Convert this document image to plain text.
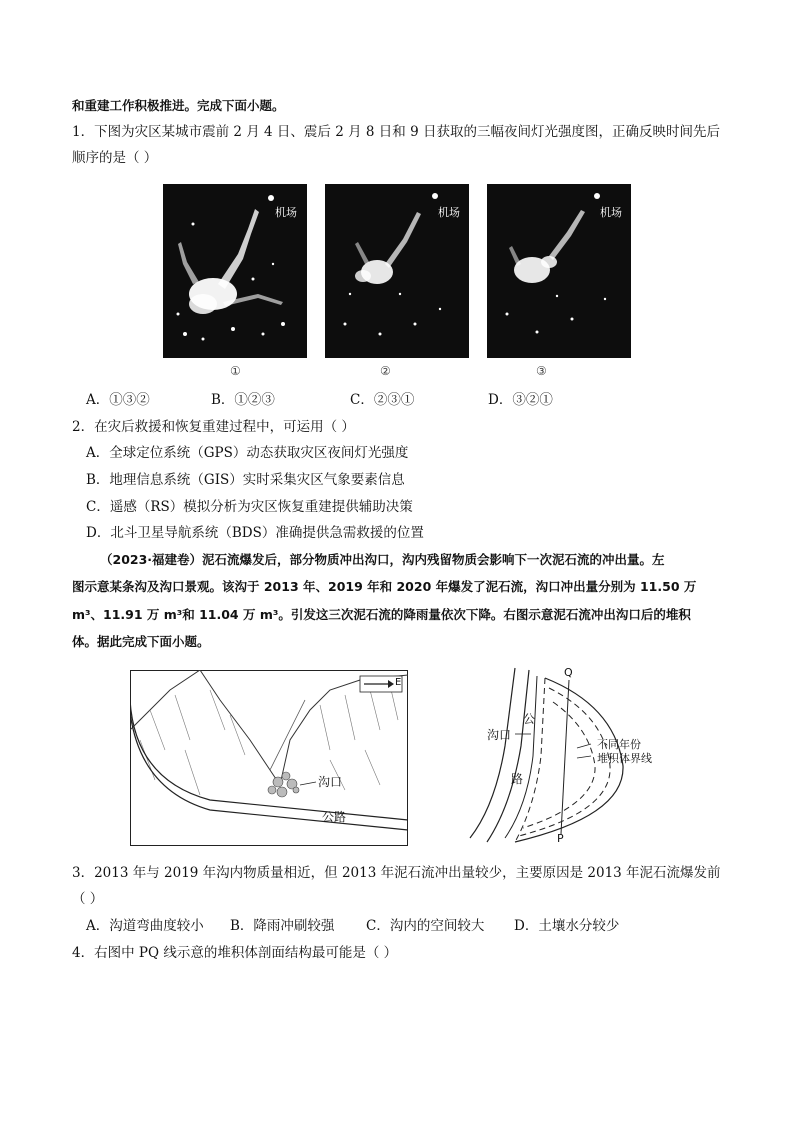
和重建工作积极推进。完成下面小题。
1．下图为灾区某城市震前 2 月 4 日、震后 2 月 8 日和 9 日获取的三幅夜间灯光强度图，正确反映时间先后
顺序的是（ ）
机场	机场	机场
①	②	③
A．①③②	B．①②③	C．②③①	D．③②①
2．在灾后救援和恢复重建过程中，可运用（ ）
A．全球定位系统（GPS）动态获取灾区夜间灯光强度
B．地理信息系统（GIS）实时采集灾区气象要素信息
C．遥感（RS）模拟分析为灾区恢复重建提供辅助决策
D．北斗卫星导航系统（BDS）准确提供急需救援的位置
（2023·福建卷）泥石流爆发后，部分物质冲出沟口，沟内残留物质会影响下一次泥石流的冲出量。左
图示意某条沟及沟口景观。该沟于 2013 年、2019 年和 2020 年爆发了泥石流，沟口冲出量分别为 11.50 万
m³、11.91 万 m³和 11.04 万 m³。引发这三次泥石流的降雨量依次下降。右图示意泥石流冲出沟口后的堆积
体。据此完成下面小题。
E
沟口
公路
Q
P
沟口
公
路
不同年份
堆积体界线
3．2013 年与 2019 年沟内物质量相近，但 2013 年泥石流冲出量较少，主要原因是 2013 年泥石流爆发前
（ ）
A．沟道弯曲度较小	B．降雨冲刷较强	C．沟内的空间较大	D．土壤水分较少
4．右图中 PQ 线示意的堆积体剖面结构最可能是（ ）
